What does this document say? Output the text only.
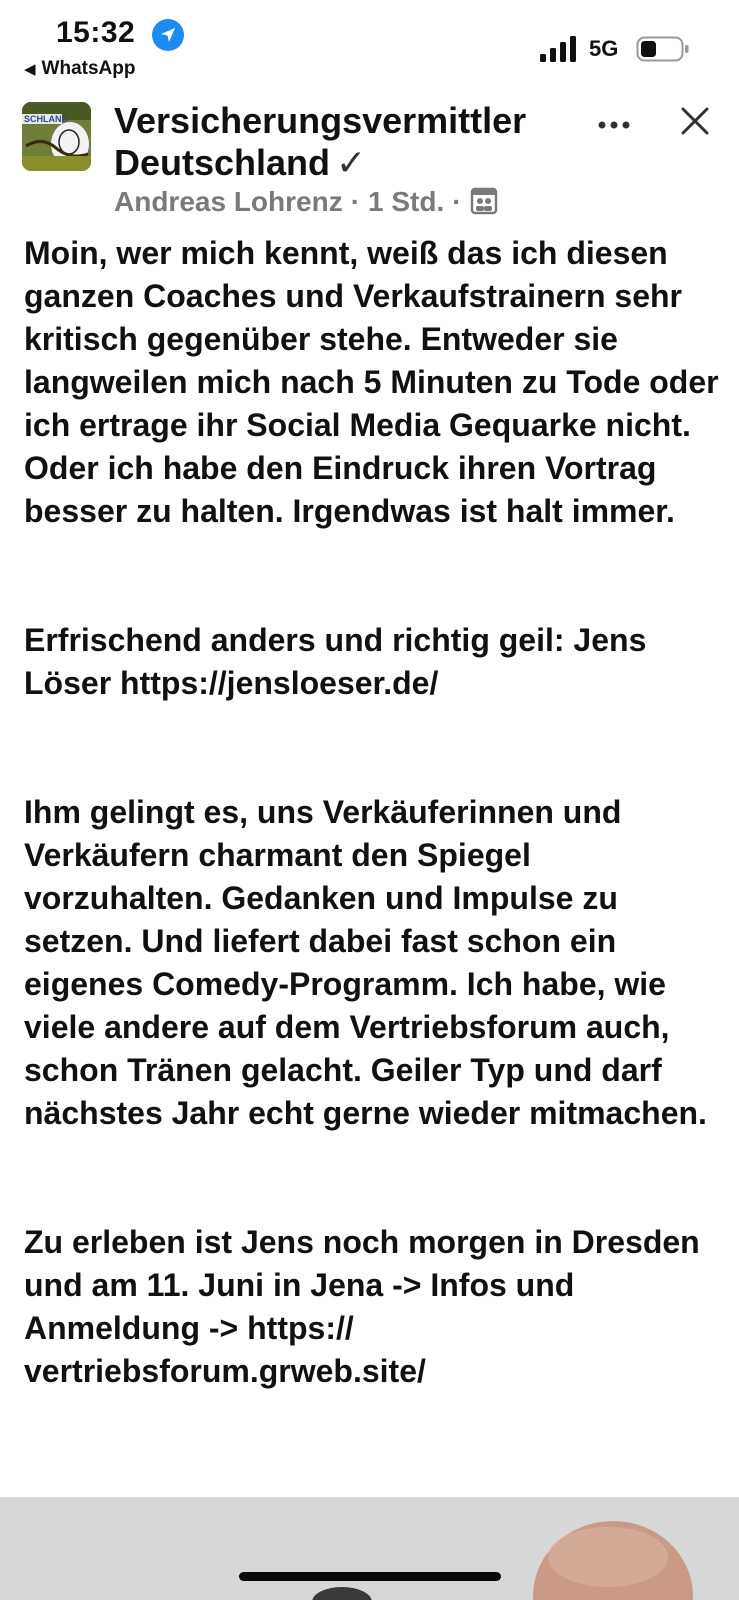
15:32
◀ WhatsApp
5G
SCHLAND Versicherungsvermittler Deutschland ✓
Andreas Lohrenz · 1 Std. ·

Moin, wer mich kennt, weiß das ich diesen ganzen Coaches und Verkaufstrainern sehr kritisch gegenüber stehe. Entweder sie langweilen mich nach 5 Minuten zu Tode oder ich ertrage ihr Social Media Gequarke nicht. Oder ich habe den Eindruck ihren Vortrag besser zu halten. Irgendwas ist halt immer.

Erfrischend anders und richtig geil: Jens Löser https://jensloeser.de/

Ihm gelingt es, uns Verkäuferinnen und Verkäufern charmant den Spiegel vorzuhalten. Gedanken und Impulse zu setzen. Und liefert dabei fast schon ein eigenes Comedy-Programm. Ich habe, wie viele andere auf dem Vertriebsforum auch, schon Tränen gelacht. Geiler Typ und darf nächstes Jahr echt gerne wieder mitmachen.

Zu erleben ist Jens noch morgen in Dresden und am 11. Juni in Jena -> Infos und Anmeldung -> https:// vertriebsforum.grweb.site/
